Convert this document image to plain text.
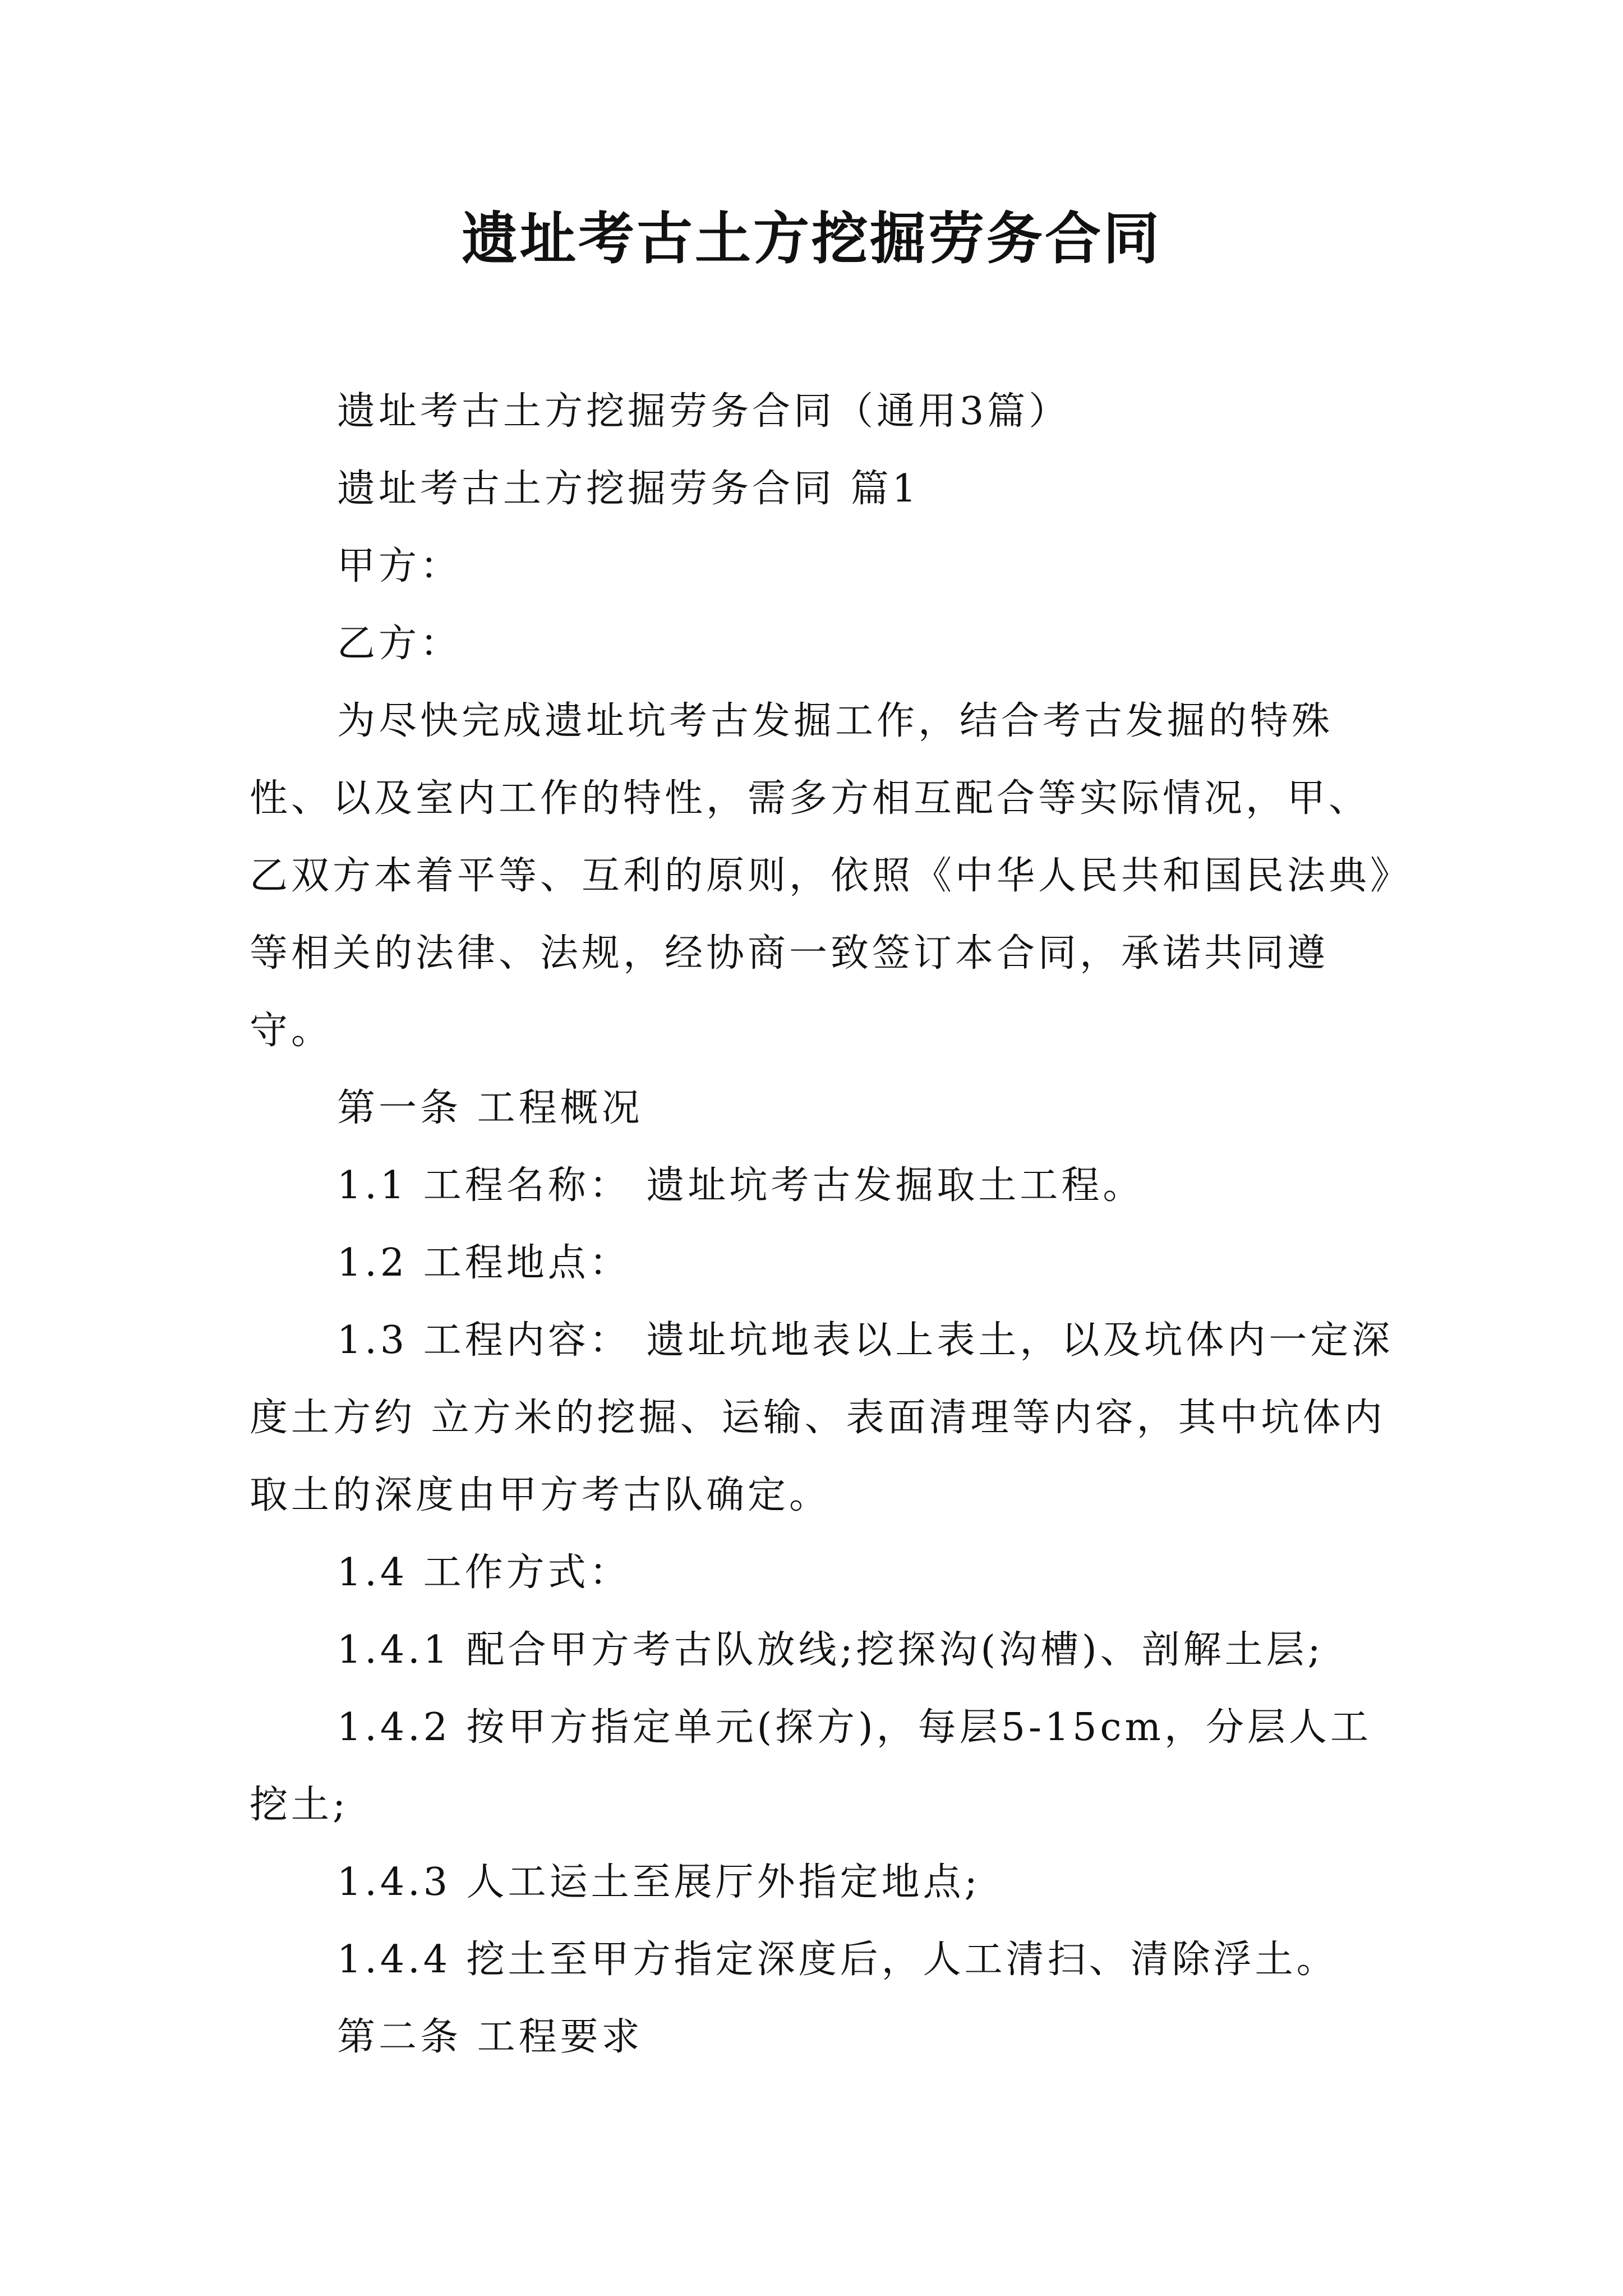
遗址考古土方挖掘劳务合同

遗址考古土方挖掘劳务合同（通用3篇）

遗址考古土方挖掘劳务合同 篇1

甲方：

乙方：

为尽快完成遗址坑考古发掘工作，结合考古发掘的特殊性、以及室内工作的特性，需多方相互配合等实际情况，甲、乙双方本着平等、互利的原则，依照《中华人民共和国民法典》等相关的法律、法规，经协商一致签订本合同，承诺共同遵守。

第一条 工程概况

1.1 工程名称： 遗址坑考古发掘取土工程。

1.2 工程地点：

1.3 工程内容： 遗址坑地表以上表土，以及坑体内一定深度土方约 立方米的挖掘、运输、表面清理等内容，其中坑体内取土的深度由甲方考古队确定。

1.4 工作方式：

1.4.1 配合甲方考古队放线;挖探沟(沟槽)、剖解土层;

1.4.2 按甲方指定单元(探方)，每层5-15cm，分层人工挖土;

1.4.3 人工运土至展厅外指定地点;

1.4.4 挖土至甲方指定深度后，人工清扫、清除浮土。

第二条 工程要求
